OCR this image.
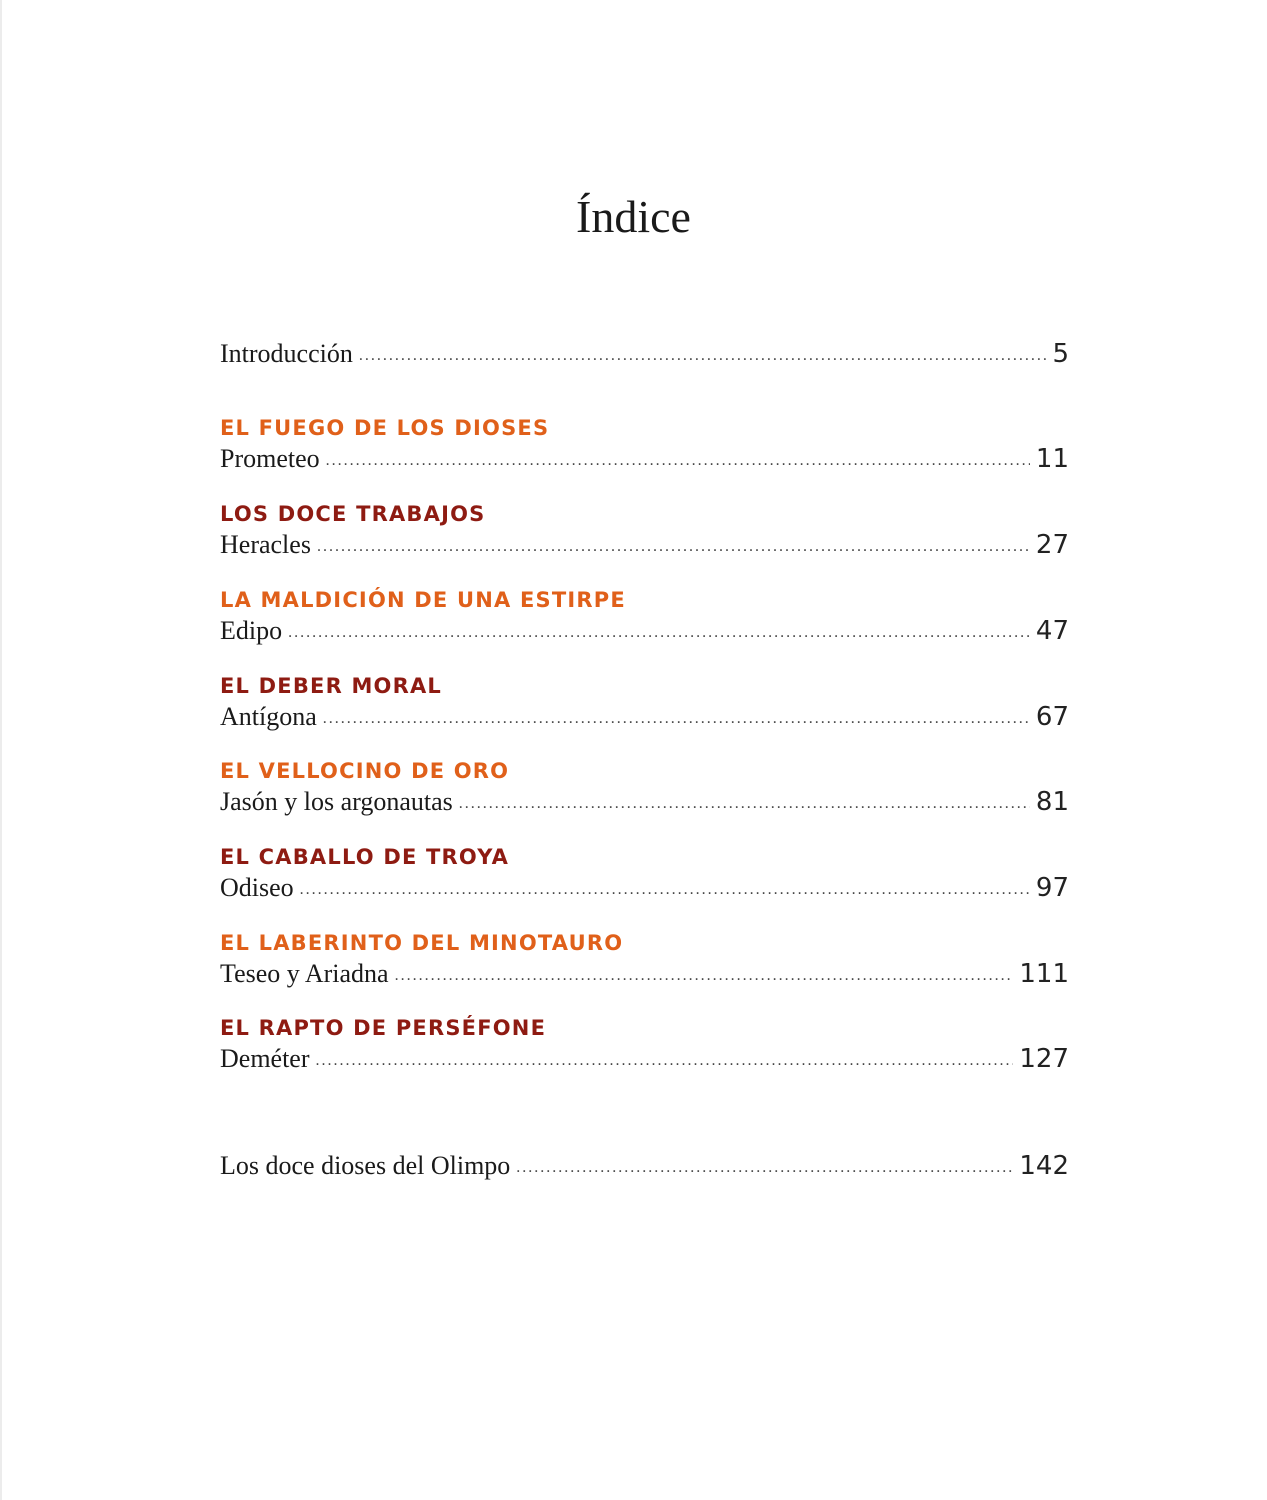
Índice
Introducción .....	5
EL FUEGO DE LOS DIOSES
Prometeo .....	11
LOS DOCE TRABAJOS
Heracles .....	27
LA MALDICIÓN DE UNA ESTIRPE
Edipo .....	47
EL DEBER MORAL
Antígona .....	67
EL VELLOCINO DE ORO
Jasón y los argonautas .....	81
EL CABALLO DE TROYA
Odiseo .....	97
EL LABERINTO DEL MINOTAURO
Teseo y Ariadna .....	111
EL RAPTO DE PERSÉFONE
Deméter .....	127
Los doce dioses del Olimpo .....	142
